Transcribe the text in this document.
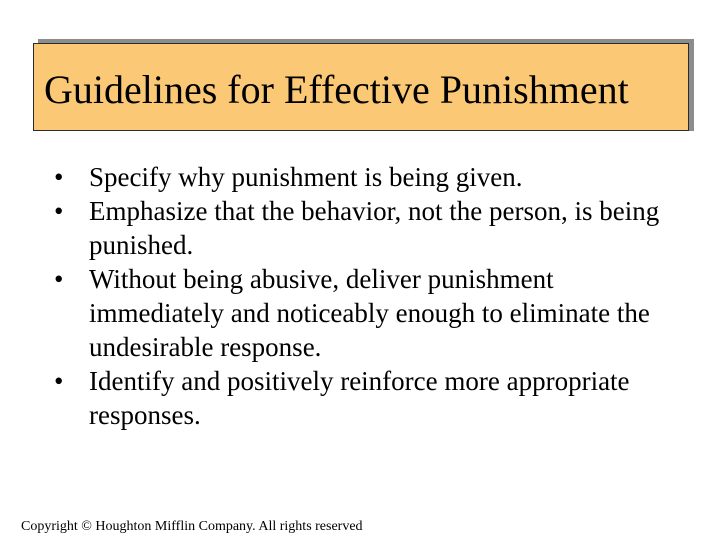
Guidelines for Effective Punishment
• Specify why punishment is being given.
• Emphasize that the behavior, not the person, is being punished.
• Without being abusive, deliver punishment immediately and noticeably enough to eliminate the undesirable response.
• Identify and positively reinforce more appropriate responses.
Copyright © Houghton Mifflin Company. All rights reserved
